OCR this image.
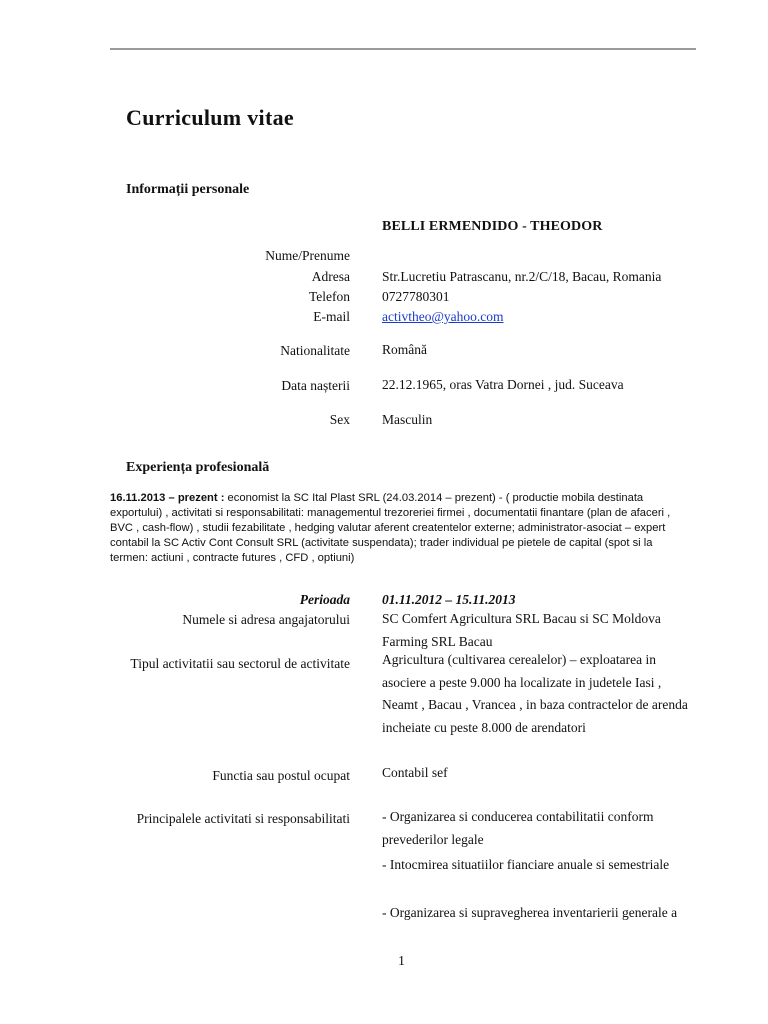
Curriculum vitae
Informații personale
BELLI ERMENDIDO - THEODOR
Nume/Prenume
Adresa Str.Lucretiu Patrascanu, nr.2/C/18, Bacau, Romania
Telefon 0727780301
E-mail activtheo@yahoo.com
Nationalitate Română
Data nașterii 22.12.1965, oras Vatra Dornei , jud. Suceava
Sex Masculin
Experiența profesională
16.11.2013 – prezent : economist la SC Ital Plast SRL (24.03.2014 – prezent) - ( productie mobila destinata exportului) , activitati si responsabilitati: managementul trezoreriei firmei , documentatii finantare (plan de afaceri , BVC , cash-flow) , studii fezabilitate , hedging valutar aferent createntelor externe; administrator-asociat – expert contabil la SC Activ Cont Consult SRL (activitate suspendata); trader individual pe pietele de capital (spot si la termen: actiuni , contracte futures , CFD , optiuni)
Perioada 01.11.2012 – 15.11.2013
Numele si adresa angajatorului SC Comfert Agricultura SRL Bacau si SC Moldova Farming SRL Bacau
Tipul activitatii sau sectorul de activitate Agricultura (cultivarea cerealelor) – exploatarea in asociere a peste 9.000 ha localizate in judetele Iasi , Neamt , Bacau , Vrancea , in baza contractelor de arenda incheiate cu peste 8.000 de arendatori
Functia sau postul ocupat Contabil sef
Principalele activitati si responsabilitati - Organizarea si conducerea contabilitatii conform prevederilor legale
- Intocmirea situatiilor fianciare anuale si semestriale
- Organizarea si supravegherea inventarierii generale a
1
